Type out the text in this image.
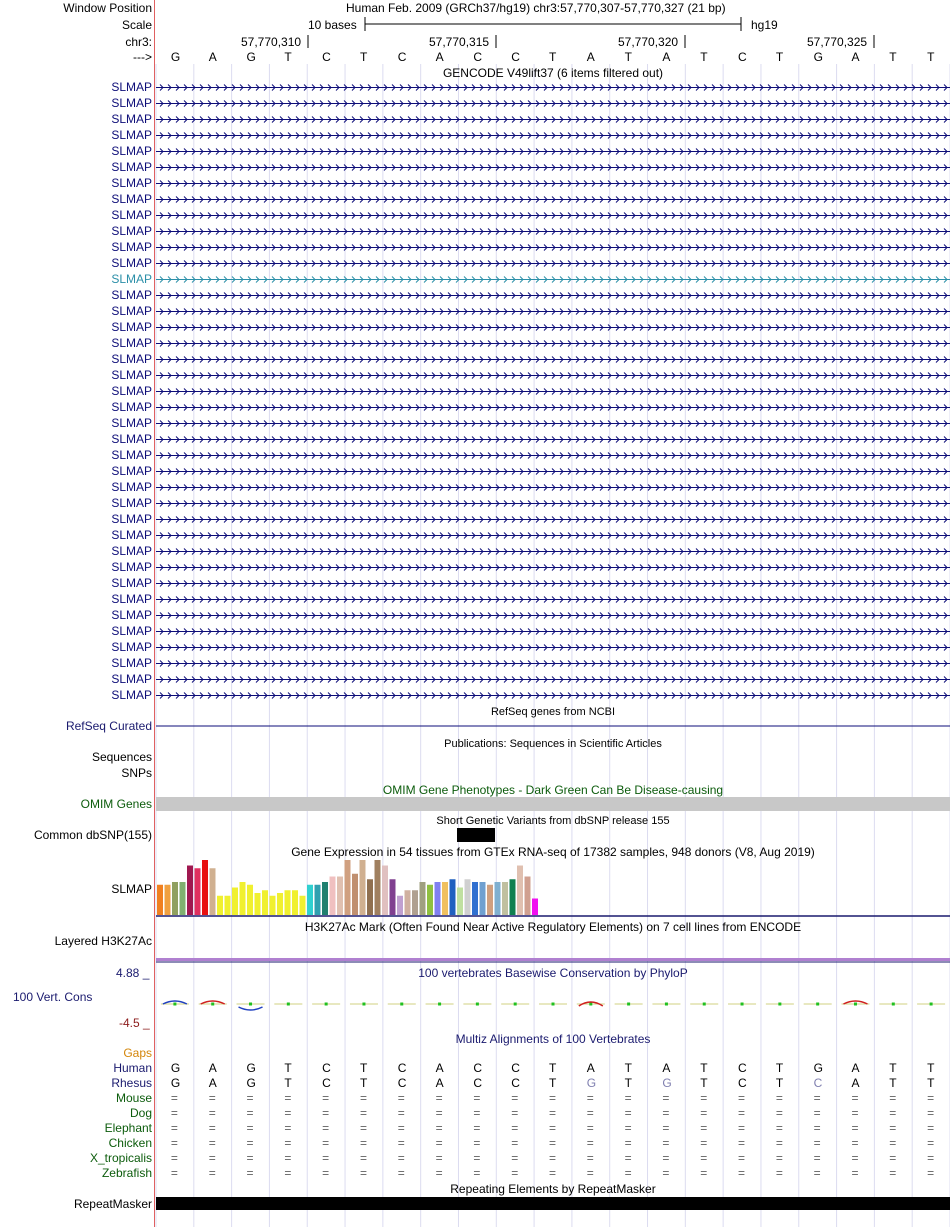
Window Position	Human Feb. 2009 (GRCh37/hg19) chr3:57,770,307-57,770,327 (21 bp)
Scale	10 bases	hg19
chr3:	57,770,310	57,770,315	57,770,320	57,770,325
---> G A G T	C T	C A C C T	A T	A T	C T	G A T	T
GENCODE V49lift37 (6 items filtered out)
SLMAP
SLMAP
SLMAP
SLMAP
SLMAP
SLMAP
SLMAP
SLMAP
SLMAP
SLMAP
SLMAP
SLMAP
SLMAP
SLMAP
SLMAP
SLMAP
SLMAP
SLMAP
SLMAP
SLMAP
SLMAP
SLMAP
SLMAP
SLMAP
SLMAP
SLMAP
SLMAP
SLMAP
SLMAP
SLMAP
SLMAP
SLMAP
SLMAP
SLMAP
SLMAP
SLMAP
SLMAP
SLMAP
SLMAP
RefSeq genes from NCBI
RefSeq Curated
Publications: Sequences in Scientific Articles
Sequences
SNPs
OMIM Gene Phenotypes - Dark Green Can Be Disease-causing
OMIM Genes
Short Genetic Variants from dbSNP release 155
Common dbSNP(155)
Gene Expression in 54 tissues from GTEx RNA-seq of 17382 samples, 948 donors (V8, Aug 2019)
SLMAP
H3K27Ac Mark (Often Found Near Active Regulatory Elements) on 7 cell lines from ENCODE
Layered H3K27Ac
100 vertebrates Basewise Conservation by PhyloP
4.88 _
100 Vert. Cons
-4.5 _
Multiz Alignments of 100 Vertebrates
Gaps
Human G A G T	C T	C A C C T	A T	A T	C T	G A T	T
Rhesus G A G T	C T	C A C C T	G T	G T	C T	C A T	T
Mouse =	=	=	=	=	=	=	=	=	=	=	=	=	=	=	=	=	=	=	=	=
Dog =	=	=	=	=	=	=	=	=	=	=	=	=	=	=	=	=	=	=	=	=
Elephant =	=	=	=	=	=	=	=	=	=	=	=	=	=	=	=	=	=	=	=	=
Chicken =	=	=	=	=	=	=	=	=	=	=	=	=	=	=	=	=	=	=	=	=
X_tropicalis =	=	=	=	=	=	=	=	=	=	=	=	=	=	=	=	=	=	=	=	=
Zebrafish =	=	=	=	=	=	=	=	=	=	=	=	=	=	=	=	=	=	=	=	=
Repeating Elements by RepeatMasker
RepeatMasker
